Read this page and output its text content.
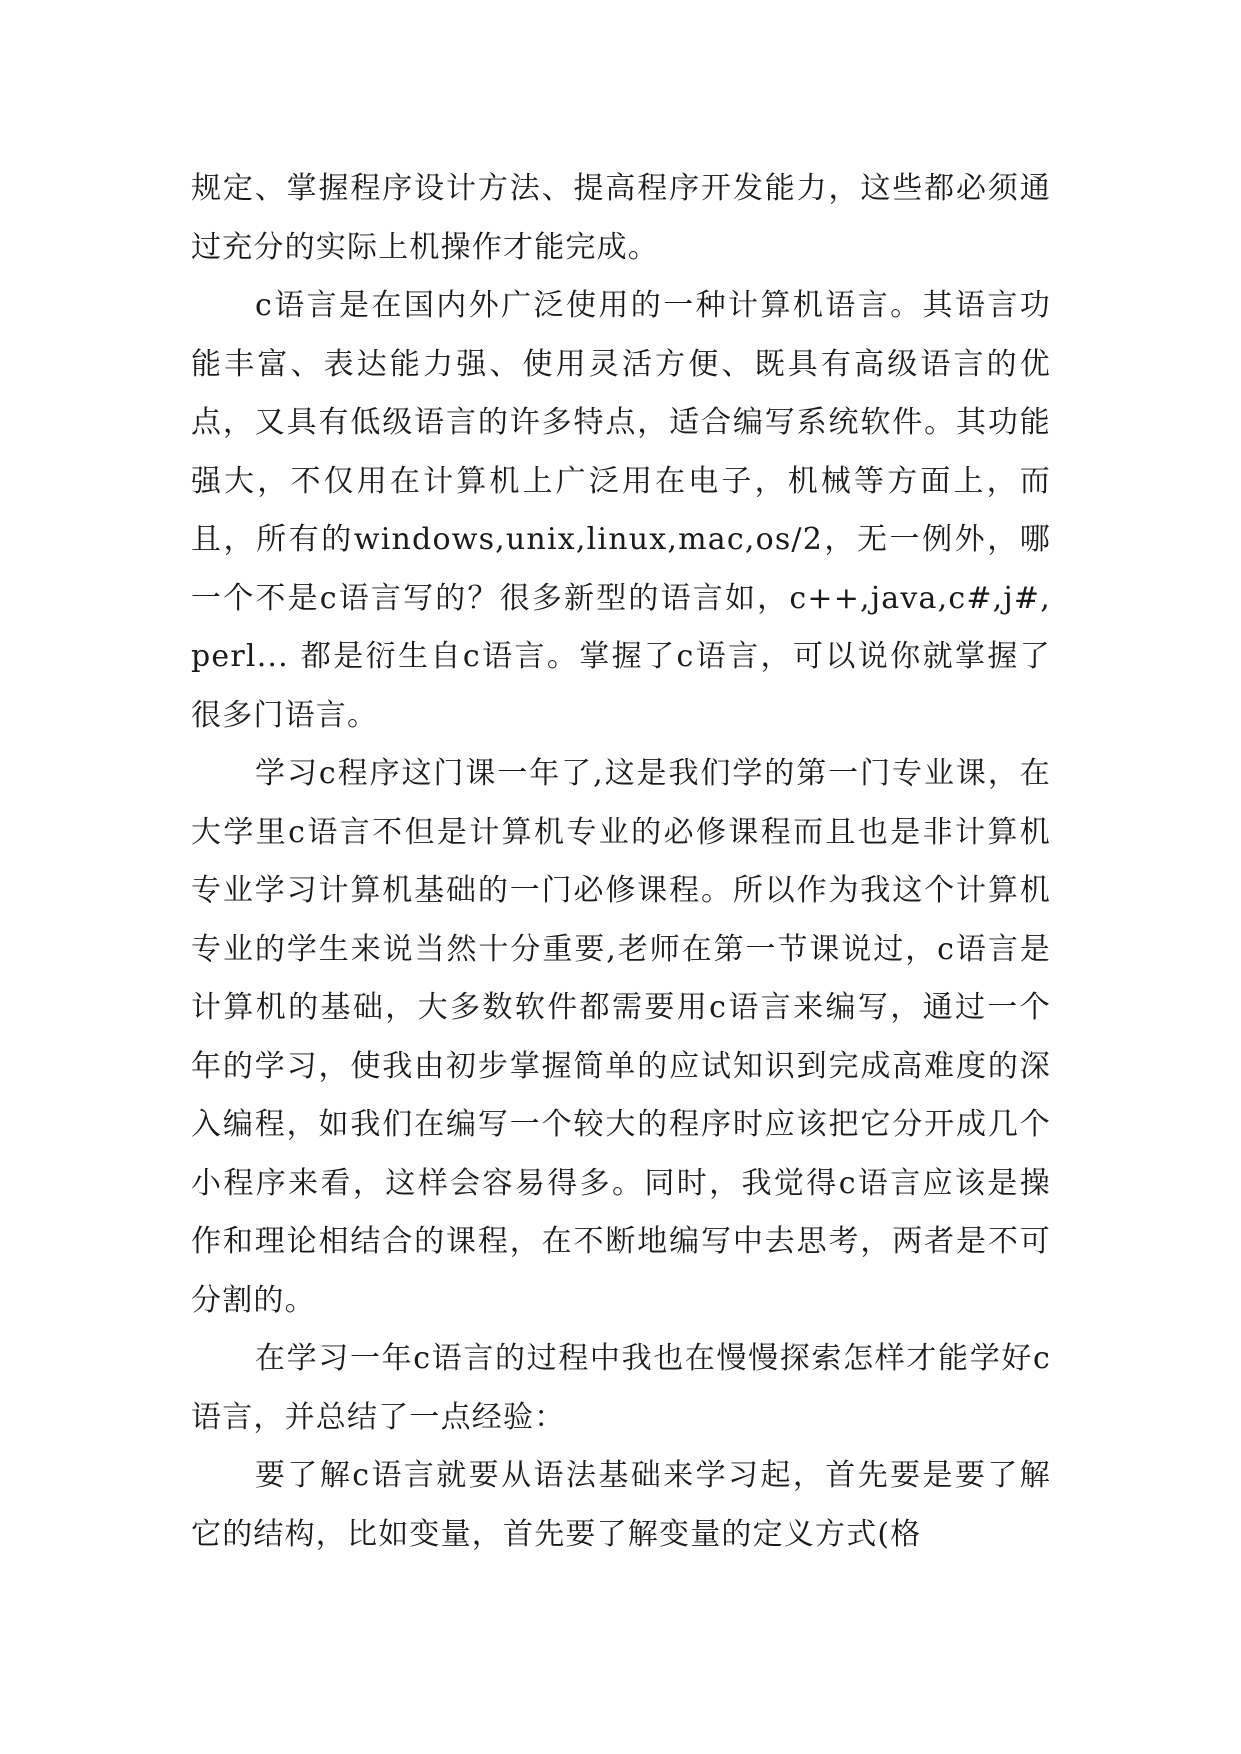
规定、掌握程序设计方法、提高程序开发能力，这些都必须通过充分的实际上机操作才能完成。

c语言是在国内外广泛使用的一种计算机语言。其语言功能丰富、表达能力强、使用灵活方便、既具有高级语言的优点，又具有低级语言的许多特点，适合编写系统软件。其功能强大，不仅用在计算机上广泛用在电子，机械等方面上，而且，所有的windows,unix,linux,mac,os/2，无一例外，哪一个不是c语言写的？很多新型的语言如，c++,java,c#,j#,perl... 都是衍生自c语言。掌握了c语言，可以说你就掌握了很多门语言。

学习c程序这门课一年了,这是我们学的第一门专业课，在大学里c语言不但是计算机专业的必修课程而且也是非计算机专业学习计算机基础的一门必修课程。所以作为我这个计算机专业的学生来说当然十分重要,老师在第一节课说过，c语言是计算机的基础，大多数软件都需要用c语言来编写，通过一个年的学习，使我由初步掌握简单的应试知识到完成高难度的深入编程，如我们在编写一个较大的程序时应该把它分开成几个小程序来看，这样会容易得多。同时，我觉得c语言应该是操作和理论相结合的课程，在不断地编写中去思考，两者是不可分割的。

在学习一年c语言的过程中我也在慢慢探索怎样才能学好c语言，并总结了一点经验：

要了解c语言就要从语法基础来学习起，首先要是要了解它的结构，比如变量，首先要了解变量的定义方式(格
